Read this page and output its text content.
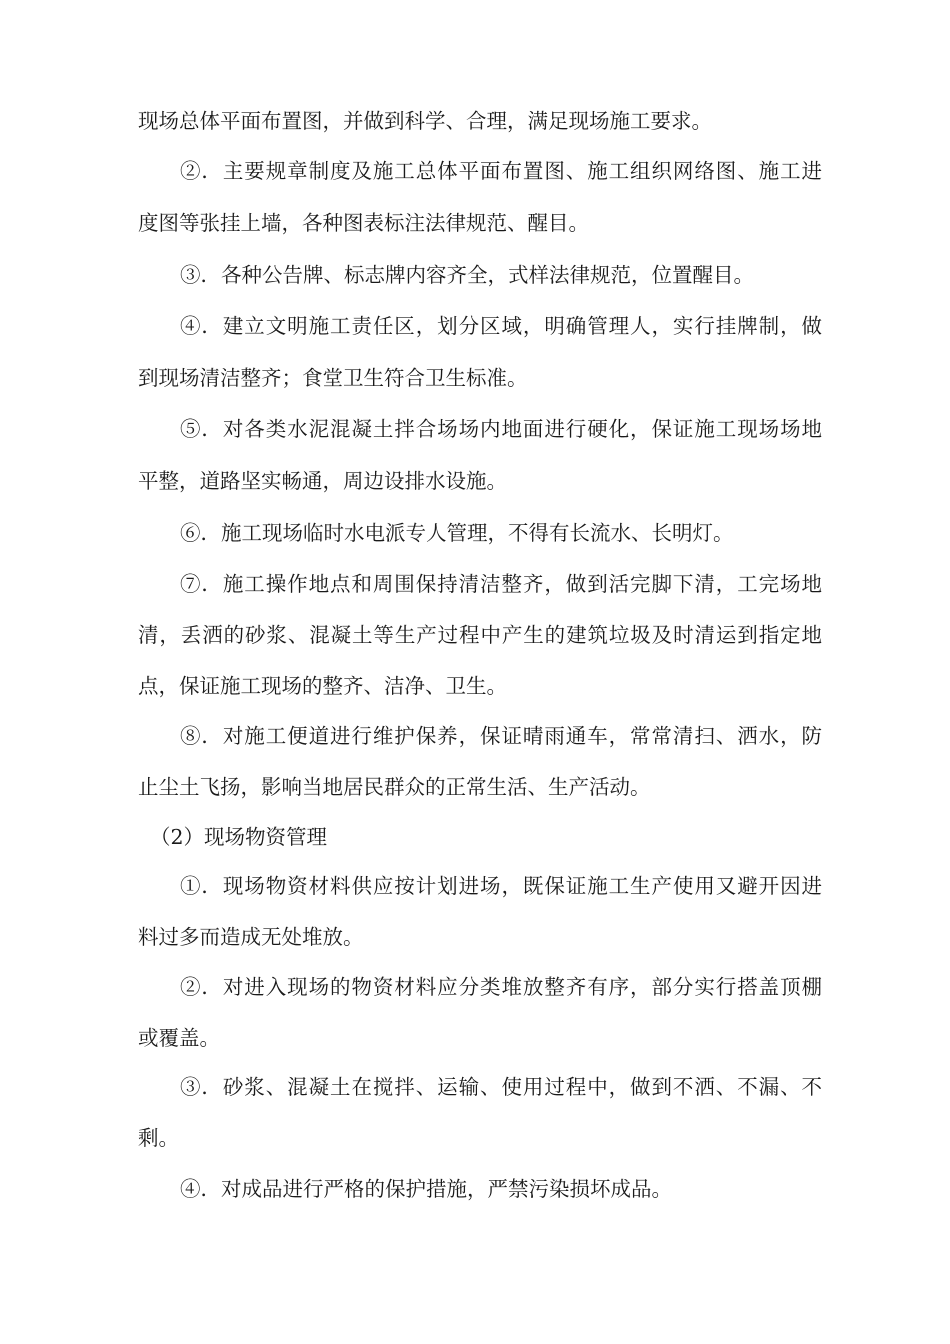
现场总体平面布置图，并做到科学、合理，满足现场施工要求。
②．主要规章制度及施工总体平面布置图、施工组织网络图、施工进
度图等张挂上墙，各种图表标注法律规范、醒目。
③．各种公告牌、标志牌内容齐全，式样法律规范，位置醒目。
④．建立文明施工责任区，划分区域，明确管理人，实行挂牌制，做
到现场清洁整齐；食堂卫生符合卫生标准。
⑤．对各类水泥混凝土拌合场场内地面进行硬化，保证施工现场场地
平整，道路坚实畅通，周边设排水设施。
⑥．施工现场临时水电派专人管理，不得有长流水、长明灯。
⑦．施工操作地点和周围保持清洁整齐，做到活完脚下清，工完场地
清，丢洒的砂浆、混凝土等生产过程中产生的建筑垃圾及时清运到指定地
点，保证施工现场的整齐、洁净、卫生。
⑧．对施工便道进行维护保养，保证晴雨通车，常常清扫、洒水，防
止尘土飞扬，影响当地居民群众的正常生活、生产活动。
（2）现场物资管理
①．现场物资材料供应按计划进场，既保证施工生产使用又避开因进
料过多而造成无处堆放。
②．对进入现场的物资材料应分类堆放整齐有序，部分实行搭盖顶棚
或覆盖。
③．砂浆、混凝土在搅拌、运输、使用过程中，做到不洒、不漏、不
剩。
④．对成品进行严格的保护措施，严禁污染损坏成品。
